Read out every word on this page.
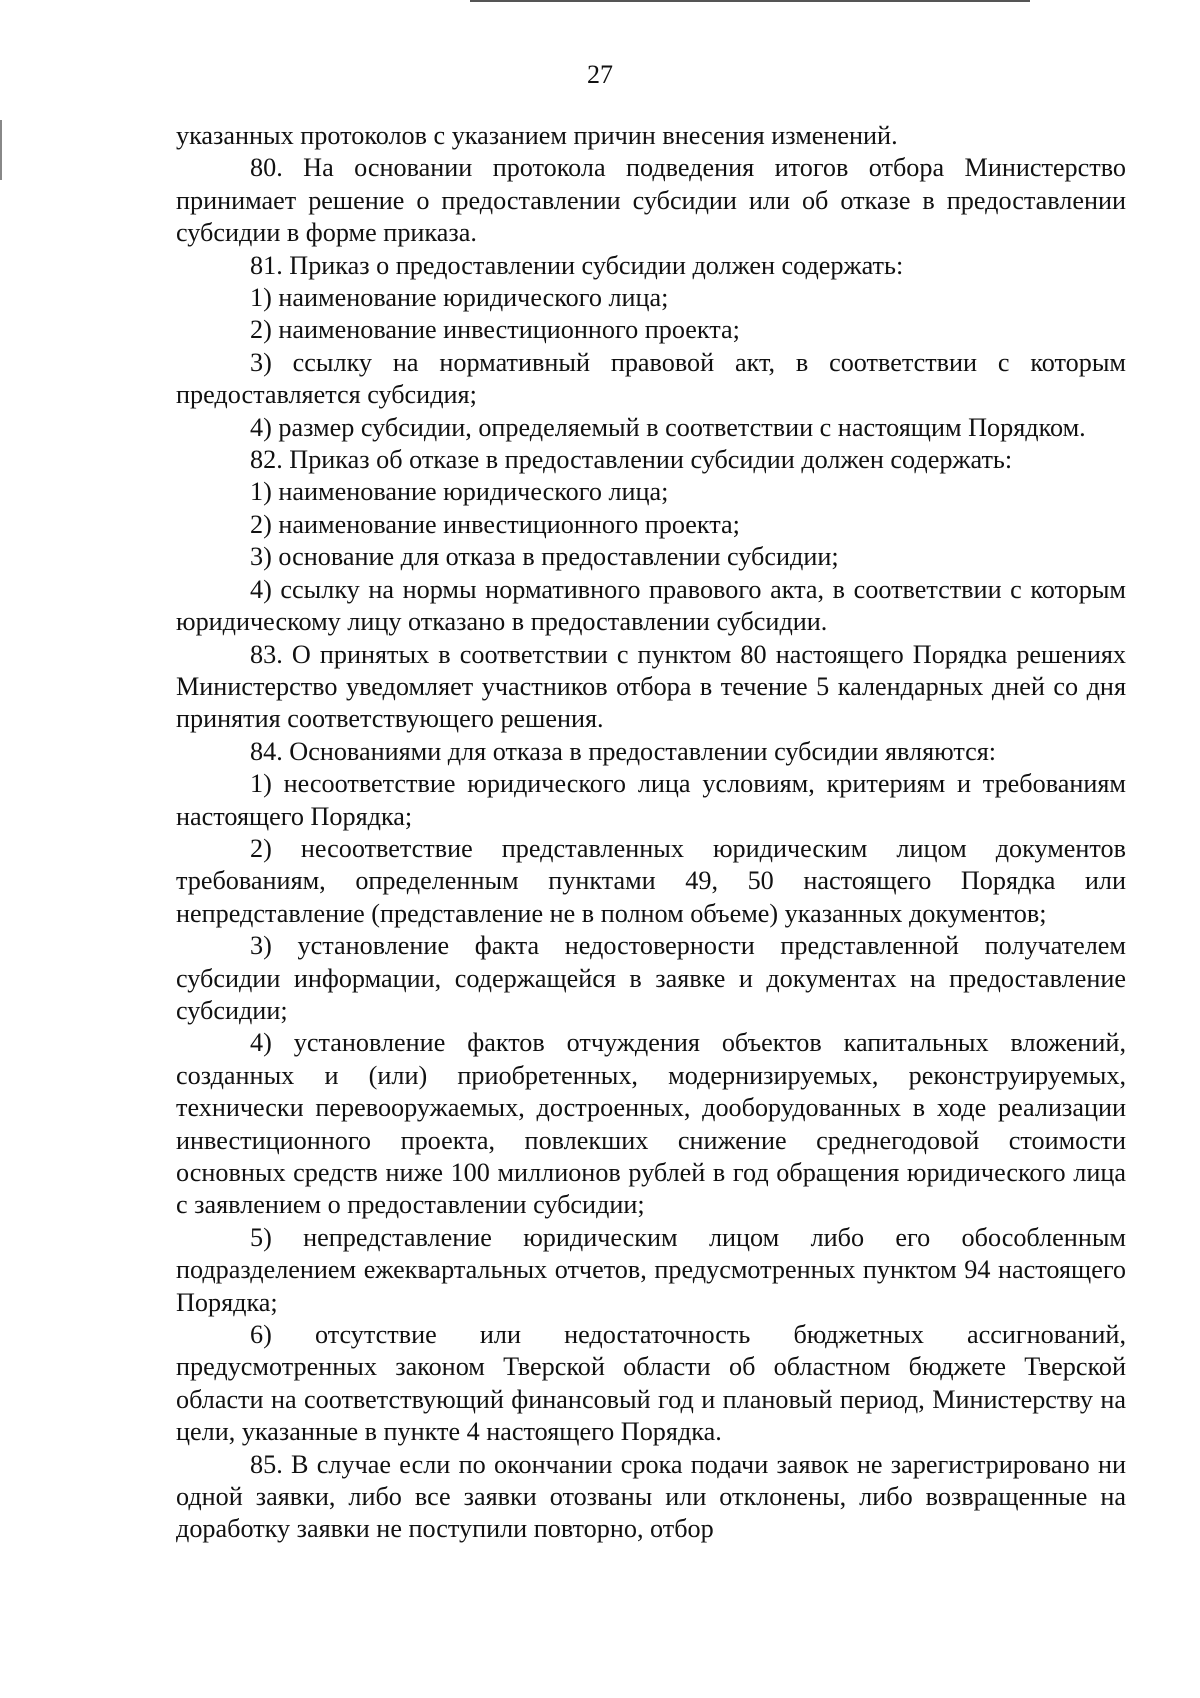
27

указанных протоколов с указанием причин внесения изменений.

80. На основании протокола подведения итогов отбора Министерство принимает решение о предоставлении субсидии или об отказе в предоставлении субсидии в форме приказа.

81. Приказ о предоставлении субсидии должен содержать:

1) наименование юридического лица;

2) наименование инвестиционного проекта;

3) ссылку на нормативный правовой акт, в соответствии с которым предоставляется субсидия;

4) размер субсидии, определяемый в соответствии с настоящим Порядком.

82. Приказ об отказе в предоставлении субсидии должен содержать:

1) наименование юридического лица;

2) наименование инвестиционного проекта;

3) основание для отказа в предоставлении субсидии;

4) ссылку на нормы нормативного правового акта, в соответствии с которым юридическому лицу отказано в предоставлении субсидии.

83. О принятых в соответствии с пунктом 80 настоящего Порядка решениях Министерство уведомляет участников отбора в течение 5 календарных дней со дня принятия соответствующего решения.

84. Основаниями для отказа в предоставлении субсидии являются:

1) несоответствие юридического лица условиям, критериям и требованиям настоящего Порядка;

2) несоответствие представленных юридическим лицом документов требованиям, определенным пунктами 49, 50 настоящего Порядка или непредставление (представление не в полном объеме) указанных документов;

3) установление факта недостоверности представленной получателем субсидии информации, содержащейся в заявке и документах на предоставление субсидии;

4) установление фактов отчуждения объектов капитальных вложений, созданных и (или) приобретенных, модернизируемых, реконструируемых, технически перевооружаемых, достроенных, дооборудованных в ходе реализации инвестиционного проекта, повлекших снижение среднегодовой стоимости основных средств ниже 100 миллионов рублей в год обращения юридического лица с заявлением о предоставлении субсидии;

5) непредставление юридическим лицом либо его обособленным подразделением ежеквартальных отчетов, предусмотренных пунктом 94 настоящего Порядка;

6) отсутствие или недостаточность бюджетных ассигнований, предусмотренных законом Тверской области об областном бюджете Тверской области на соответствующий финансовый год и плановый период, Министерству на цели, указанные в пункте 4 настоящего Порядка.

85. В случае если по окончании срока подачи заявок не зарегистрировано ни одной заявки, либо все заявки отозваны или отклонены, либо возвращенные на доработку заявки не поступили повторно, отбор
